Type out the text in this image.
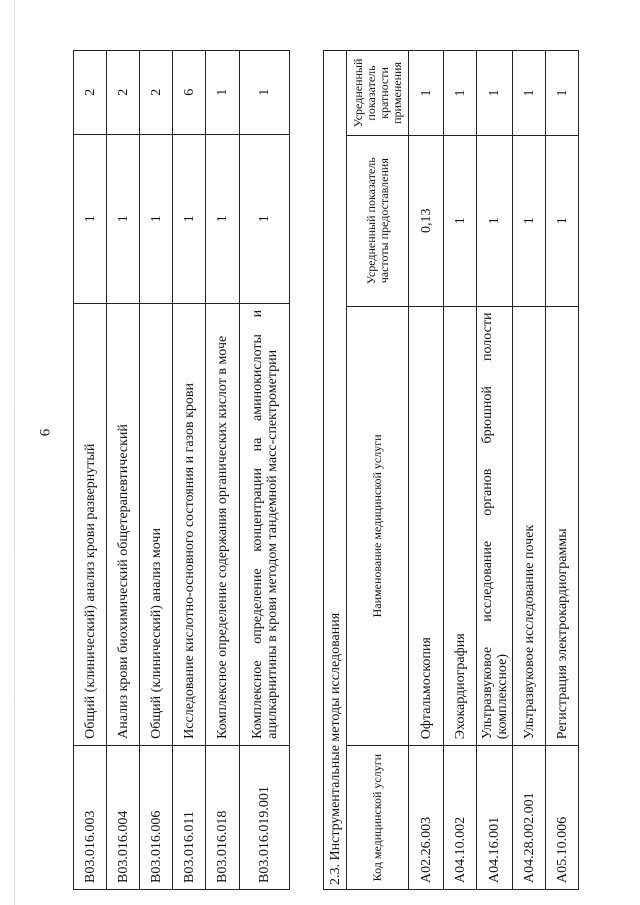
6
B03.016.003	Общий (клинический) анализ крови развернутый	1	2
B03.016.004	Анализ крови биохимический общетерапевтический	1	2
B03.016.006	Общий (клинический) анализ мочи	1	2
B03.016.011	Исследование кислотно-основного состояния и газов крови	1	6
B03.016.018	Комплексное определение содержания органических кислот в моче	1	1
B03.016.019.001	Комплексное определение концентрации на аминокислоты и ацилкарнитины в крови методом тандемной масс-спектрометрии	1	1
2.3. Инструментальные методы исследования Код медицинской услуги	Наименование медицинской услуги	Усредненный показатель частоты предоставления	Усредненный показатель кратности применения
A02.26.003	Офтальмоскопия	0,13	1
A04.10.002	Эхокардиография	1	1
A04.16.001	Ультразвуковое исследование органов брюшной полости (комплексное)	1	1
A04.28.002.001	Ультразвуковое исследование почек	1	1
A05.10.006	Регистрация электрокардиограммы	1	1
